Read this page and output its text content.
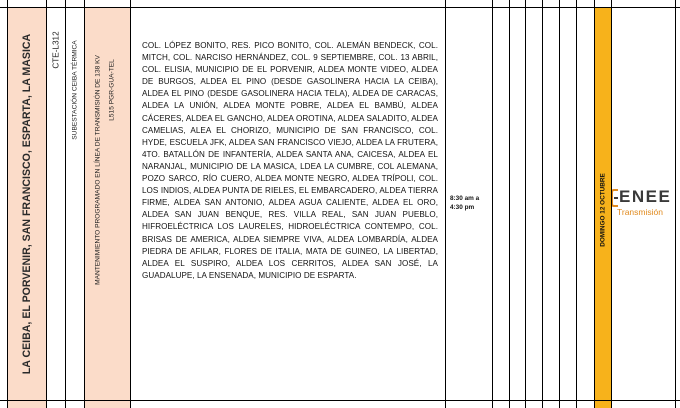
LA CEIBA, EL PORVENIR, SAN FRANCISCO, ESPARTA, LA MASICA CTE-L312 SUBESTACIÓN CEIBA TÉRMICA MANTENIMIENTO PROGRAMADO EN LÍNEA DE TRANSMISIÓN DE 138 KV L515 PGR-GUA-TEL
COL. LÓPEZ BONITO, RES. PICO BONITO, COL. ALEMÁN BENDECK, COL. MITCH, COL. NARCISO HERNÁNDEZ, COL. 9 SEPTIEMBRE, COL. 13 ABRIL, COL. ELISIA, MUNICIPIO DE EL PORVENIR, ALDEA MONTE VIDEO, ALDEA DE BURGOS, ALDEA EL PINO (DESDE GASOLINERA HACIA LA CEIBA), ALDEA EL PINO (DESDE GASOLINERA HACIA TELA), ALDEA DE CARACAS, ALDEA LA UNIÓN, ALDEA MONTE POBRE, ALDEA EL BAMBÚ, ALDEA CÁCERES, ALDEA EL GANCHO, ALDEA OROTINA, ALDEA SALADITO, ALDEA CAMELIAS, ALEA EL CHORIZO, MUNICIPIO DE SAN FRANCISCO, COL. HYDE, ESCUELA JFK, ALDEA SAN FRANCISCO VIEJO, ALDEA LA FRUTERA, 4TO. BATALLÓN DE INFANTERÍA, ALDEA SANTA ANA, CAICESA, ALDEA EL NARANJAL, MUNICIPIO DE LA MASICA, LDEA LA CUMBRE, COL ALEMANA, POZO SARCO, RÍO CUERO, ALDEA MONTE NEGRO, ALDEA TRÍPOLI, COL. LOS INDIOS, ALDEA PUNTA DE RIELES, EL EMBARCADERO, ALDEA TIERRA FIRME, ALDEA SAN ANTONIO, ALDEA AGUA CALIENTE, ALDEA EL ORO, ALDEA SAN JUAN BENQUE, RES. VILLA REAL, SAN JUAN PUEBLO, HIFROELÉCTRICA LOS LAURELES, HIDROELÉCTRICA CONTEMPO, COL. BRISAS DE AMERICA, ALDEA SIEMPRE VIVA, ALDEA LOMBARDÍA, ALDEA PIEDRA DE AFILAR, FLORES DE ITALIA, MATA DE GUINEO, LA LIBERTAD, ALDEA EL SUSPIRO, ALDEA LOS CERRITOS, ALDEA SAN JOSÉ, LA GUADALUPE, LA ENSENADA, MUNICIPIO DE ESPARTA.
8:30 am a
4:30 pm	DOMINGO 12 OCTUBRE ENEE
Transmisión
